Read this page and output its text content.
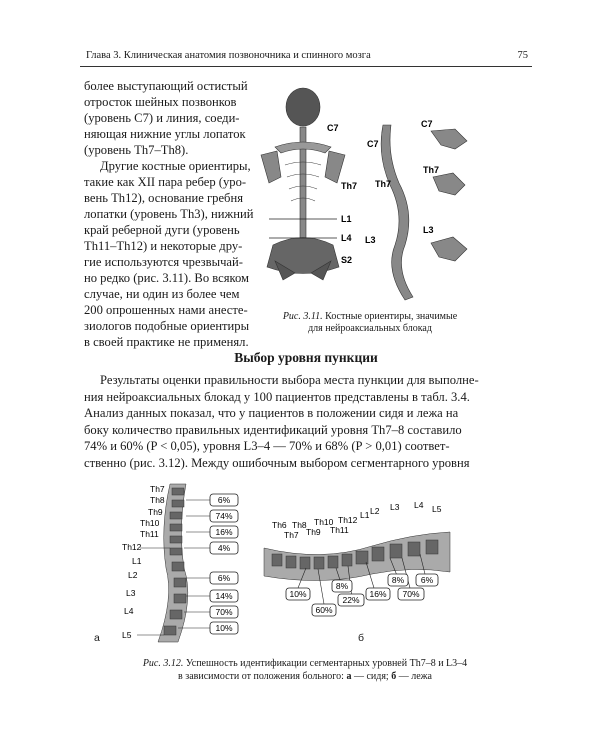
Глава 3. Клиническая анатомия позвоночника и спинного мозга	75
более выступающий остистый
отросток шейных позвонков
(уровень C7) и линия, соеди-
няющая нижние углы лопаток
(уровень Th7–Th8).
Другие костные ориентиры,
такие как XII пара ребер (уро-
вень Th12), основание гребня
лопатки (уровень Th3), нижний
край реберной дуги (уровень
Th11–Th12) и некоторые дру-
гие используются чрезвычай-
но редко (рис. 3.11). Во всяком
случае, ни один из более чем
200 опрошенных нами анесте-
зиологов подобные ориентиры
в своей практике не применял.
C7
Th7
L1
L4
S2
C7
Th7
L3
C7
Th7
L3
Рис. 3.11. Костные ориентиры, значимые
для нейроаксиальных блокад
Выбор уровня пункции
Результаты оценки правильности выбора места пункции для выполне-
ния нейроаксиальных блокад у 100 пациентов представлены в табл. 3.4.
Анализ данных показал, что у пациентов в положении сидя и лежа на
боку количество правильных идентификаций уровня Th7–8 составило
74% и 60% (P < 0,05), уровня L3–4 — 70% и 68% (P > 0,01) соответ-
ственно (рис. 3.12). Между ошибочным выбором сегментарного уровня
Th7
Th8
Th9
Th10
Th11
Th12
L1
L2
L3
L4
L5
6%
74%
16%
4%
6%
14%
70%
10%
а
Th6
Th7
Th8
Th9
Th10
Th11
Th12 L1 L2 L3 L4 L5
10%
60%
8%
22%
16%
8%
70%
6%
б
Рис. 3.12. Успешность идентификации сегментарных уровней Th7–8 и L3–4
в зависимости от положения больного: а — сидя; б — лежа
